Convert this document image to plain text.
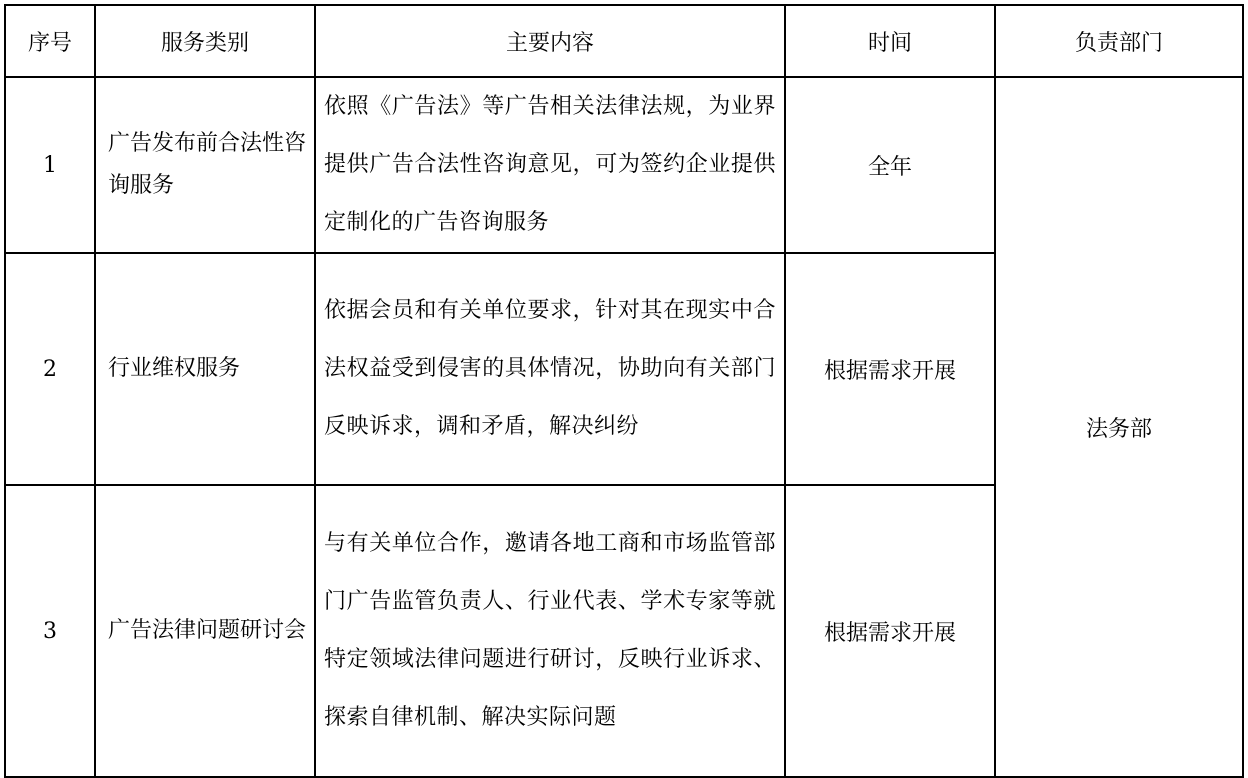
序号	服务类别	主要内容	时间	负责部门
1	广告发布前合法性咨询服务	依照《广告法》等广告相关法律法规，为业界提供广告合法性咨询意见，可为签约企业提供定制化的广告咨询服务	全年	法务部
2	行业维权服务	依据会员和有关单位要求，针对其在现实中合法权益受到侵害的具体情况，协助向有关部门反映诉求，调和矛盾，解决纠纷	根据需求开展	
3	广告法律问题研讨会	与有关单位合作，邀请各地工商和市场监管部门广告监管负责人、行业代表、学术专家等就特定领域法律问题进行研讨，反映行业诉求、探索自律机制、解决实际问题	根据需求开展	
